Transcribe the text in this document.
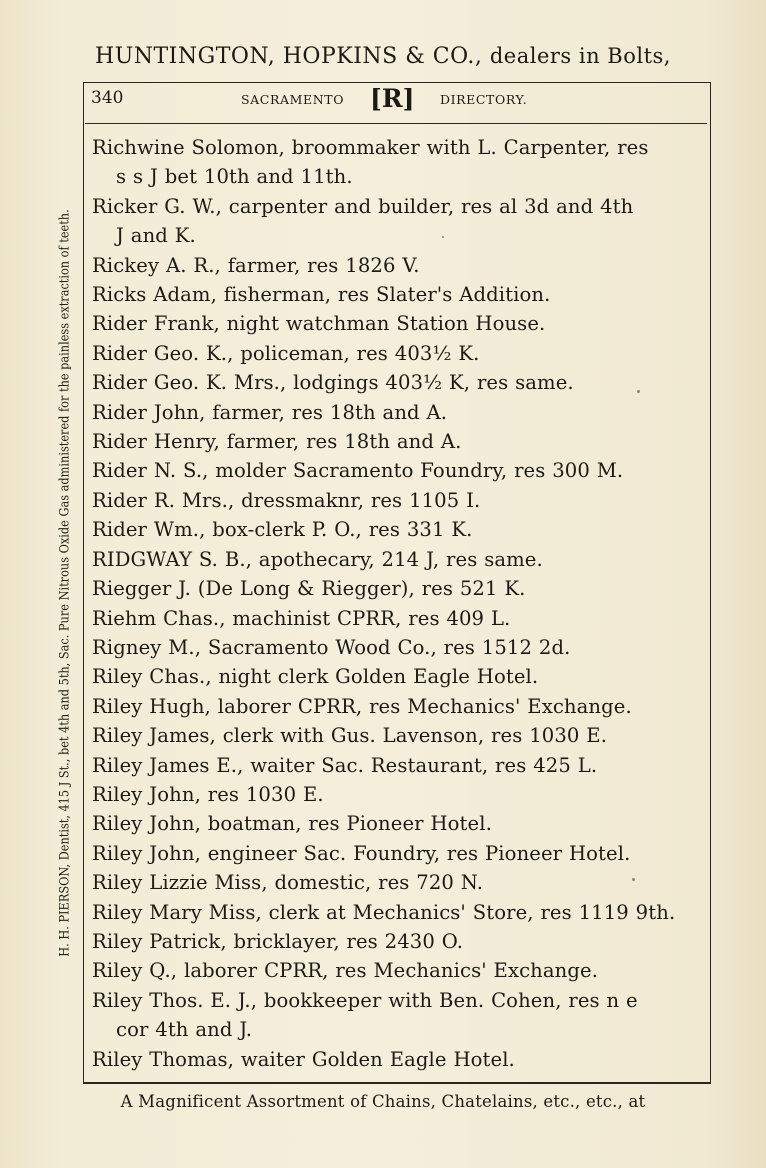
HUNTINGTON, HOPKINS & CO., dealers in Bolts,
H. H. PIERSON, Dentist, 415 J St., bet 4th and 5th, Sac. Pure Nitrous Oxide Gas administered for the painless extraction of teeth.
340	SACRAMENTO [R] DIRECTORY.
Richwine Solomon, broommaker with L. Carpenter, res
s s J bet 10th and 11th.
Ricker G. W., carpenter and builder, res al 3d and 4th
J and K.
Rickey A. R., farmer, res 1826 V.
Ricks Adam, fisherman, res Slater's Addition.
Rider Frank, night watchman Station House.
Rider Geo. K., policeman, res 403½ K.
Rider Geo. K. Mrs., lodgings 403½ K, res same.
Rider John, farmer, res 18th and A.
Rider Henry, farmer, res 18th and A.
Rider N. S., molder Sacramento Foundry, res 300 M.
Rider R. Mrs., dressmaknr, res 1105 I.
Rider Wm., box-clerk P. O., res 331 K.
RIDGWAY S. B., apothecary, 214 J, res same.
Riegger J. (De Long & Riegger), res 521 K.
Riehm Chas., machinist CPRR, res 409 L.
Rigney M., Sacramento Wood Co., res 1512 2d.
Riley Chas., night clerk Golden Eagle Hotel.
Riley Hugh, laborer CPRR, res Mechanics' Exchange.
Riley James, clerk with Gus. Lavenson, res 1030 E.
Riley James E., waiter Sac. Restaurant, res 425 L.
Riley John, res 1030 E.
Riley John, boatman, res Pioneer Hotel.
Riley John, engineer Sac. Foundry, res Pioneer Hotel.
Riley Lizzie Miss, domestic, res 720 N.
Riley Mary Miss, clerk at Mechanics' Store, res 1119 9th.
Riley Patrick, bricklayer, res 2430 O.
Riley Q., laborer CPRR, res Mechanics' Exchange.
Riley Thos. E. J., bookkeeper with Ben. Cohen, res n e
cor 4th and J.
Riley Thomas, waiter Golden Eagle Hotel.
A Magnificent Assortment of Chains, Chatelains, etc., etc., at
